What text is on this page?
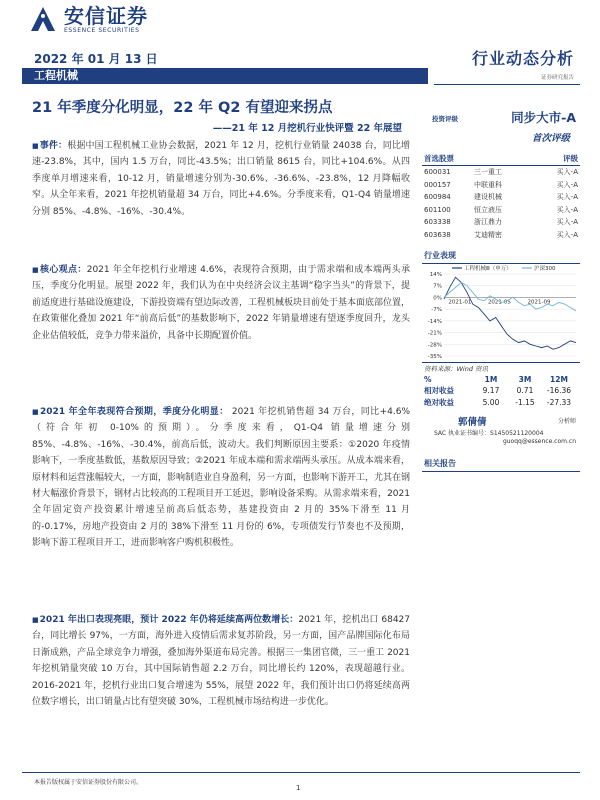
安信证券
ESSENCE SECURITIES
2022 年 01 月 13 日	行业动态分析
证券研究报告
工程机械
21 年季度分化明显，22 年 Q2 有望迎来拐点
——21 年 12 月挖机行业快评暨 22 年展望
■事件：根据中国工程机械工业协会数据，2021 年 12 月，挖机行业销量 24038 台，同比增速-23.8%，其中，国内 1.5 万台，同比-43.5%；出口销量 8615 台，同比+104.6%。从四季度单月增速来看，10-12 月，销量增速分别为-30.6%、-36.6%、-23.8%，12 月降幅收窄。从全年来看，2021 年挖机销量超 34 万台，同比+4.6%。分季度来看，Q1-Q4 销量增速分别 85%、-4.8%、-16%、-30.4%。
■核心观点：2021 年全年挖机行业增速 4.6%，表现符合预期，由于需求端和成本端两头承压，季度分化明显。展望 2022 年，我们认为在中央经济会议主基调“稳字当头”的背景下，提前适度进行基础设施建设，下游投资端有望边际改善，工程机械板块目前处于基本面底部位置，在政策催化叠加 2021 年“前高后低”的基数影响下，2022 年销量增速有望逐季度回升，龙头企业估值较低，竞争力带来溢价，具备中长期配置价值。
■2021 年全年表现符合预期，季度分化明显： 2021 年挖机销售超 34 万台，同比+4.6%（符合年初 0-10%的预期）。分季度来看，Q1-Q4 销量增速分别 85%、-4.8%、-16%、-30.4%，前高后低，波动大。我们判断原因主要系：①2020 年疫情影响下，一季度基数低，基数原因导致；②2021 年成本端和需求端两头承压。从成本端来看，原材料和运营涨幅较大，一方面，影响制造业自身盈利，另一方面，也影响下游开工，尤其在钢材大幅涨价背景下，钢材占比较高的工程项目开工延迟，影响设备采购。从需求端来看，2021 全年固定资产投资累计增速呈前高后低态势，基建投资由 2 月的 35%下滑至 11 月的-0.17%，房地产投资由 2 月的 38%下滑至 11 月份的 6%，专项债发行节奏也不及预期，影响下游工程项目开工，进而影响客户购机积极性。
■2021 年出口表现亮眼，预计 2022 年仍将延续高两位数增长：2021 年，挖机出口 68427 台，同比增长 97%，一方面，海外进入疫情后需求复苏阶段，另一方面，国产品牌国际化布局日渐成熟，产品全球竞争力增强，叠加海外渠道布局完善。根据三一集团官微，三一重工 2021 年挖机销量突破 10 万台，其中国际销售超 2.2 万台，同比增长约 120%，表现超越行业。2016-2021 年，挖机行业出口复合增速为 55%，展望 2022 年，我们预计出口仍将延续高两位数字增长，出口销量占比有望突破 30%，工程机械市场结构进一步优化。
投资评级	同步大市-A
首次评级
首选股票	评级
600031	三一重工	买入-A
000157	中联重科	买入-A
600984	建设机械	买入-A
601100	恒立液压	买入-A
603338	浙江鼎力	买入-A
603638	艾迪精密	买入-A
行业表现
14%
7%
0%
-7%
-14%
-21%
-28%
-35%
2021-01	2021-05	2021-09
工程机械Ⅲ（申万）	沪深300
资料来源：Wind 资讯
%	1M	3M	12M
相对收益	9.17	0.71	-16.36
绝对收益	5.00	-1.15	-27.33
郭倩倩	分析师
SAC 执业证书编号：S1450521120004
guoqq@essence.com.cn
相关报告
本报告版权属于安信证券股份有限公司。
1
